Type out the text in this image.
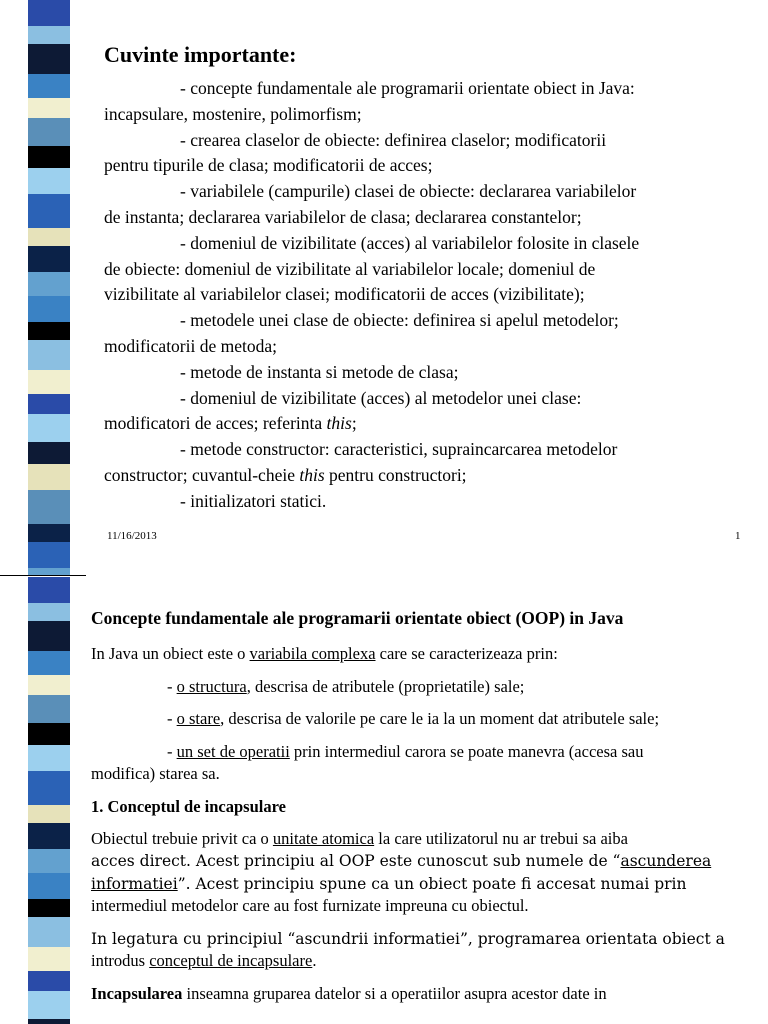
Cuvinte importante:

- concepte fundamentale ale programarii orientate obiect in Java:

incapsulare, mostenire, polimorfism;

- crearea claselor de obiecte: definirea claselor; modificatorii

pentru tipurile de clasa; modificatorii de acces;

- variabilele (campurile) clasei de obiecte: declararea variabilelor

de instanta; declararea variabilelor de clasa; declararea constantelor;

- domeniul de vizibilitate (acces) al variabilelor folosite in clasele

de obiecte: domeniul de vizibilitate al variabilelor locale; domeniul de

vizibilitate al variabilelor clasei; modificatorii de acces (vizibilitate);

- metodele unei clase de obiecte: definirea si apelul metodelor;

modificatorii de metoda;

- metode de instanta si metode de clasa;

- domeniul de vizibilitate (acces) al metodelor unei clase:

modificatori de acces; referinta this;

- metode constructor: caracteristici, supraincarcarea metodelor

constructor; cuvantul-cheie this pentru constructori;

- initializatori statici.

11/16/2013	1

Concepte fundamentale ale programarii orientate obiect (OOP) in Java

In Java un obiect este o variabila complexa care se caracterizeaza prin:

- o structura, descrisa de atributele (proprietatile) sale;

- o stare, descrisa de valorile pe care le ia la un moment dat atributele sale;

- un set de operatii prin intermediul carora se poate manevra (accesa sau
modifica) starea sa.

1. Conceptul de incapsulare

Obiectul trebuie privit ca o unitate atomica la care utilizatorul nu ar trebui sa aiba
acces direct. Acest principiu al OOP este cunoscut sub numele de “ascunderea
informatiei”. Acest principiu spune ca un obiect poate fi accesat numai prin
intermediul metodelor care au fost furnizate impreuna cu obiectul.

In legatura cu principiul “ascundrii informatiei”, programarea orientata obiect a
introdus conceptul de incapsulare.

Incapsularea inseamna gruparea datelor si a operatiilor asupra acestor date in
